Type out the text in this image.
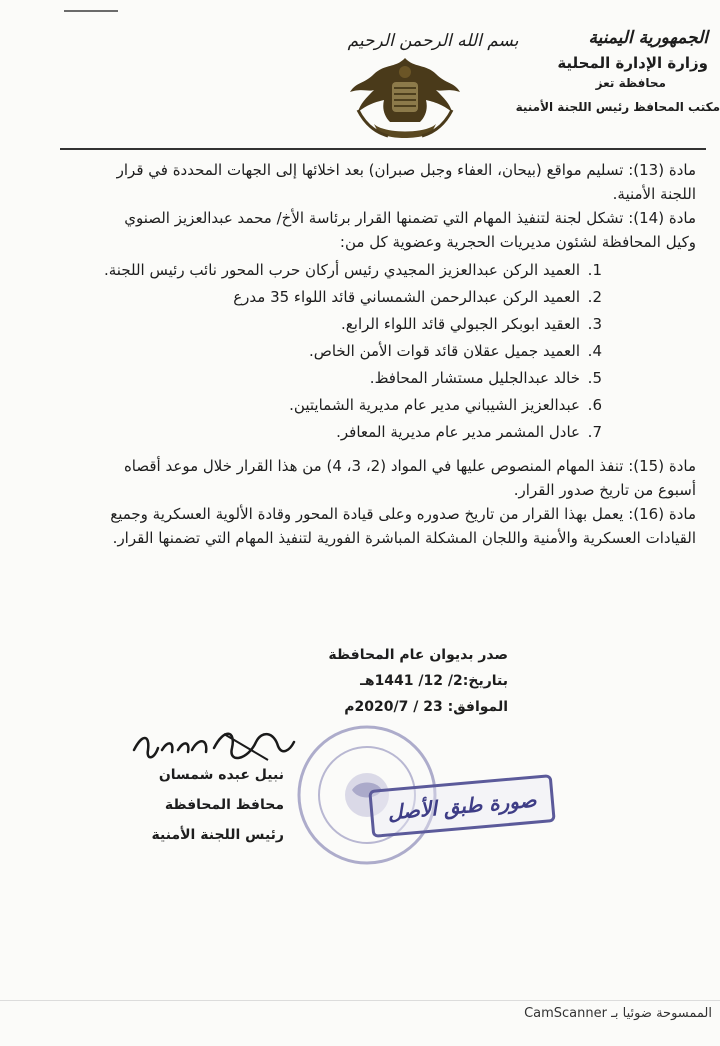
بسم الله الرحمن الرحيم	الجمهورية اليمنية
وزارة الإدارة المحلية
محافظة تعز
مكتب المحافظ رئيس اللجنة الأمنية
مادة (13): تسليم مواقع (بيحان، العفاء وجبل صبران) بعد اخلائها إلى الجهات المحددة في قرار اللجنة الأمنية.
مادة (14): تشكل لجنة لتنفيذ المهام التي تضمنها القرار برئاسة الأخ/ محمد عبدالعزيز الصنوي وكيل المحافظة لشئون مديريات الحجرية وعضوية كل من:
1.
العميد الركن عبدالعزيز المجيدي رئيس أركان حرب المحور نائب رئيس اللجنة.
2.
العميد الركن عبدالرحمن الشمساني قائد اللواء 35 مدرع
3.
العقيد ابوبكر الجبولي قائد اللواء الرابع.
4.
العميد جميل عقلان قائد قوات الأمن الخاص.
5.
خالد عبدالجليل مستشار المحافظ.
6.
عبدالعزيز الشيباني مدير عام مديرية الشمايتين.
7.
عادل المشمر مدير عام مديرية المعافر.
مادة (15): تنفذ المهام المنصوص عليها في المواد (2، 3، 4) من هذا القرار خلال موعد أقصاه أسبوع من تاريخ صدور القرار.
مادة (16): يعمل بهذا القرار من تاريخ صدوره وعلى قيادة المحور وقادة الألوية العسكرية وجميع القيادات العسكرية والأمنية واللجان المشكلة المباشرة الفورية لتنفيذ المهام التي تضمنها القرار.
صدر بديوان عام المحافظة
بتاريخ:2/ 12/ 1441هـ
الموافق: 23 / 2020/7م
نبيل عبده شمسان
محافظ المحافظة
رئيس اللجنة الأمنية
صورة طبق الأصل
الممسوحة ضوئيا بـ CamScanner
